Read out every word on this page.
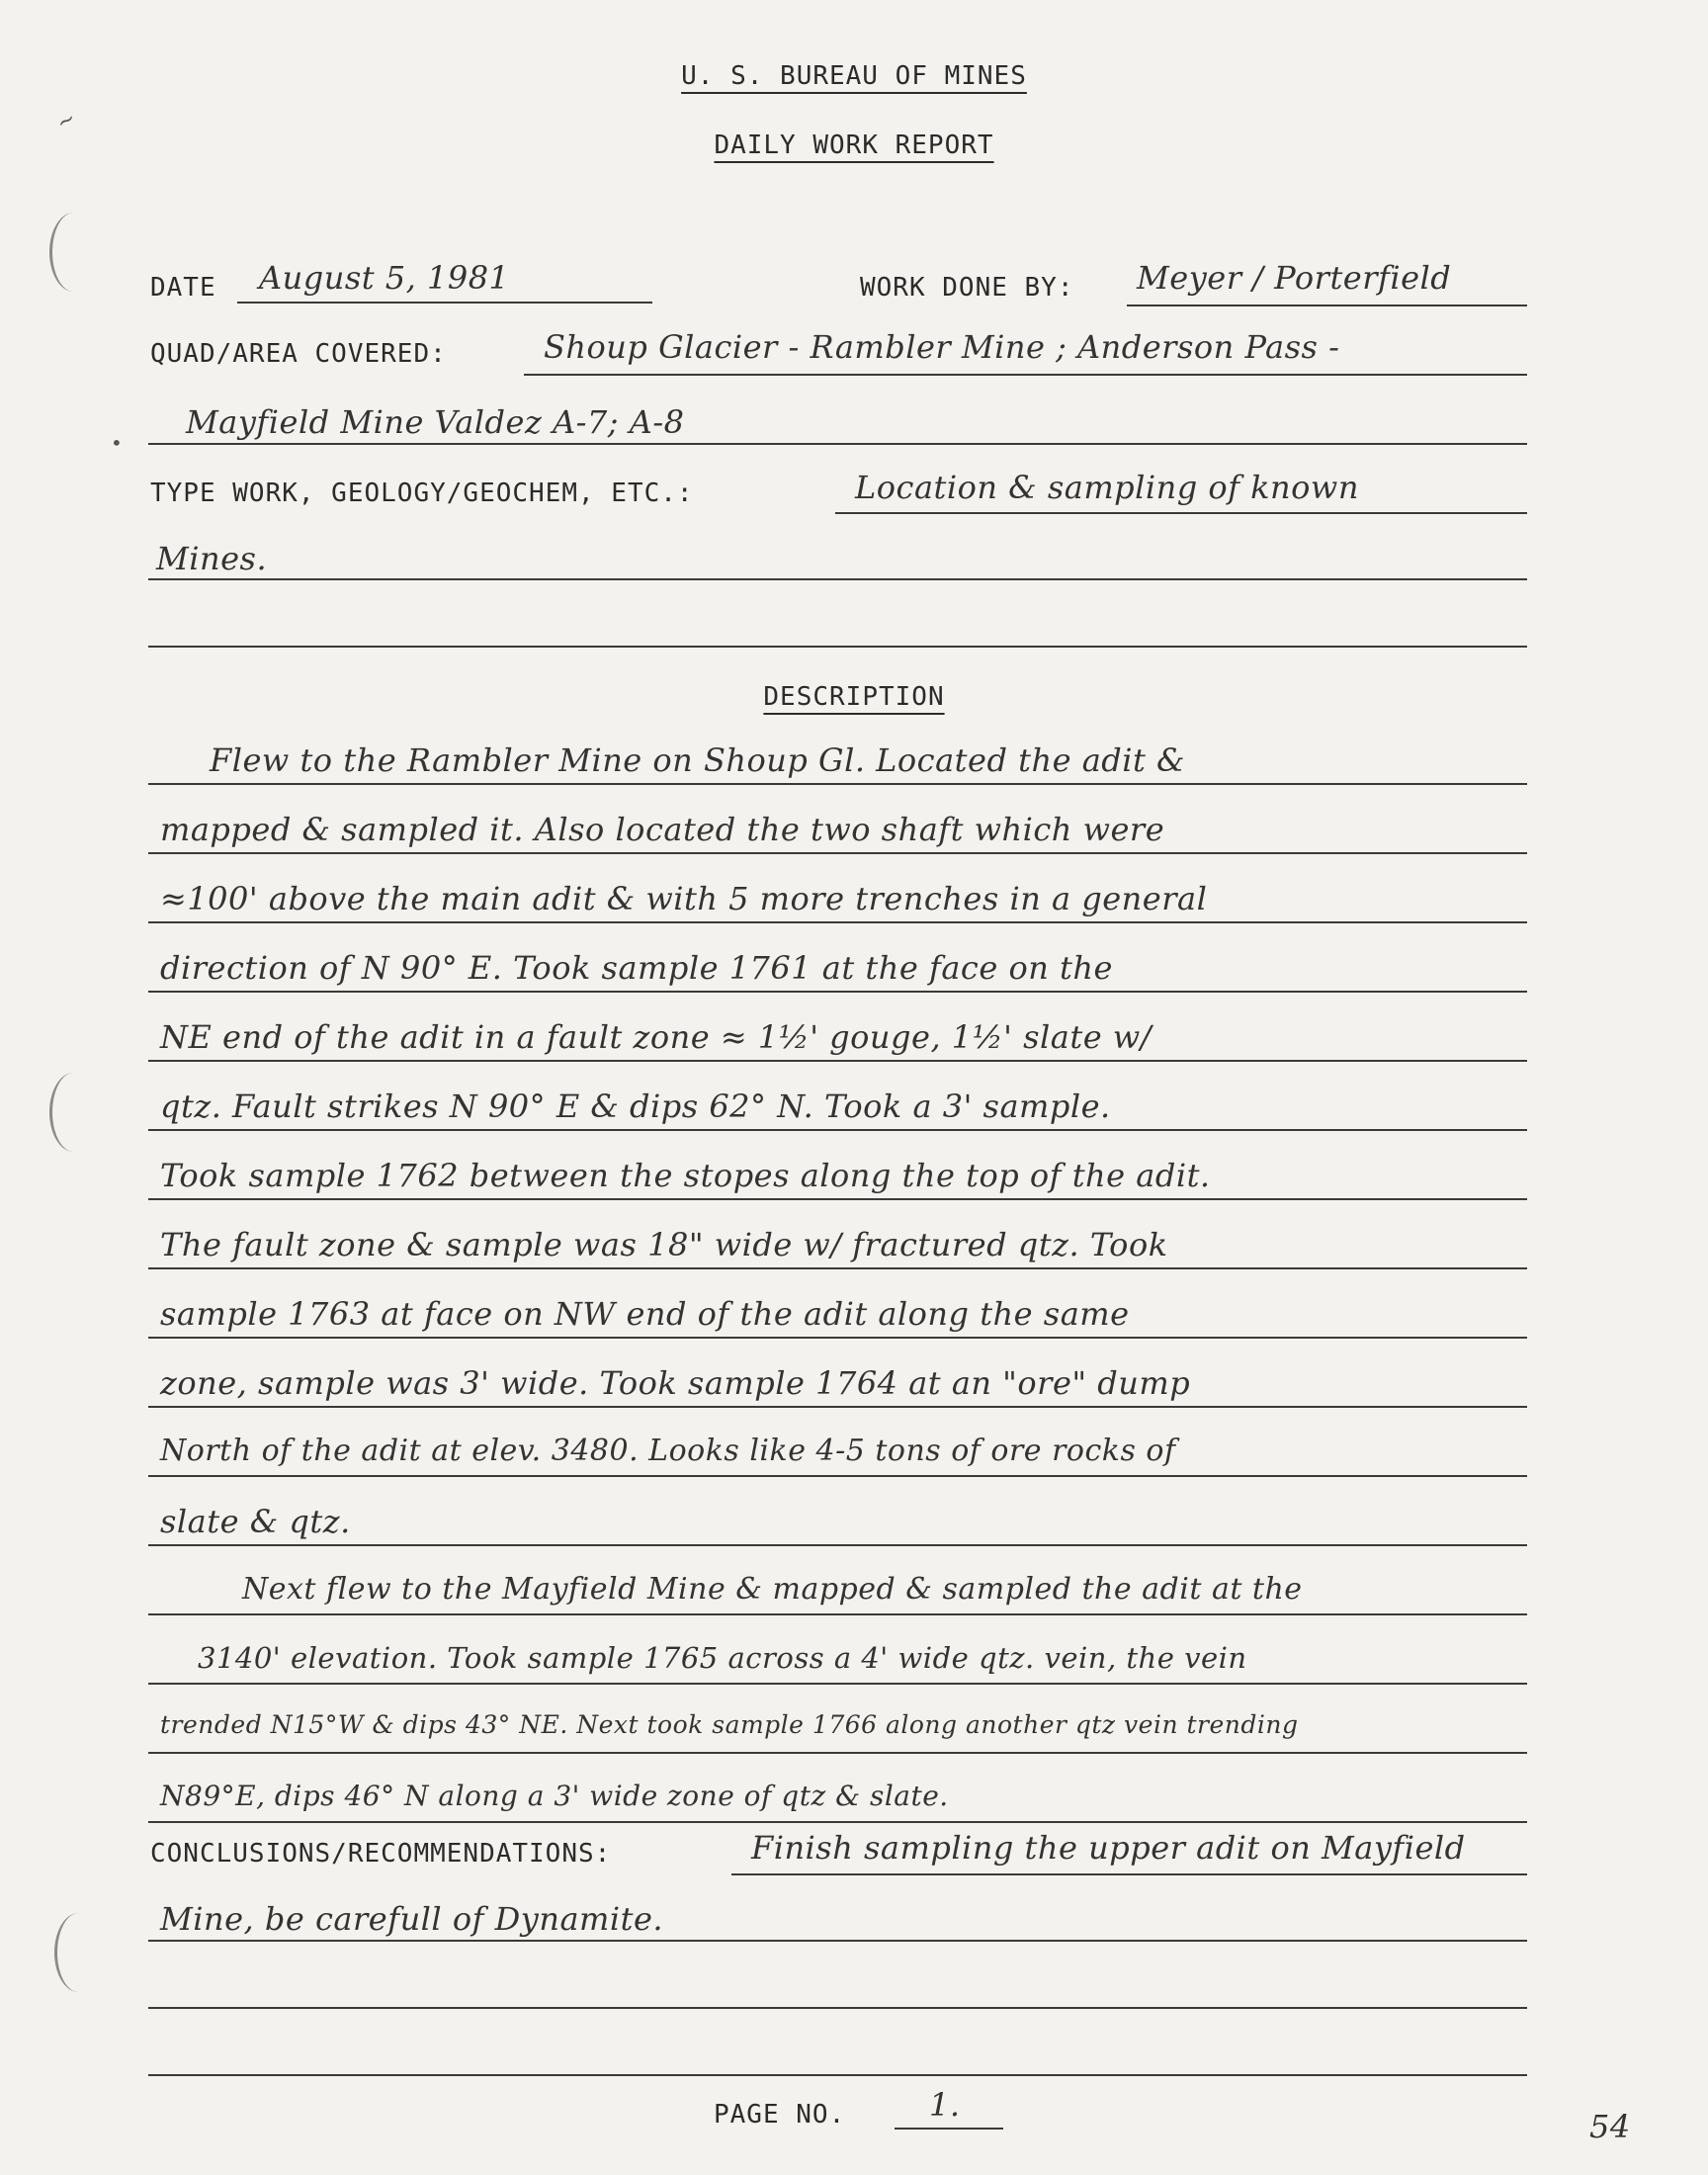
U. S. BUREAU OF MINES
DAILY WORK REPORT
DATE August 5, 1981	WORK DONE BY: Meyer / Porterfield
QUAD/AREA COVERED:	Shoup Glacier - Rambler Mine ; Anderson Pass -
Mayfield Mine Valdez A-7; A-8
TYPE WORK, GEOLOGY/GEOCHEM, ETC.:	Location & sampling of known
Mines.
DESCRIPTION
Flew to the Rambler Mine on Shoup Gl. Located the adit &
mapped & sampled it. Also located the two shaft which were
≈100' above the main adit & with 5 more trenches in a general
direction of N 90° E. Took sample 1761 at the face on the
NE end of the adit in a fault zone ≈ 1½' gouge, 1½' slate w/
qtz. Fault strikes N 90° E & dips 62° N. Took a 3' sample.
Took sample 1762 between the stopes along the top of the adit.
The fault zone & sample was 18" wide w/ fractured qtz. Took
sample 1763 at face on NW end of the adit along the same
zone, sample was 3' wide. Took sample 1764 at an "ore" dump
North of the adit at elev. 3480. Looks like 4-5 tons of ore rocks of
slate & qtz.
Next flew to the Mayfield Mine & mapped & sampled the adit at the
3140' elevation. Took sample 1765 across a 4' wide qtz. vein, the vein
trended N15°W & dips 43° NE. Next took sample 1766 along another qtz vein trending
N89°E, dips 46° N along a 3' wide zone of qtz & slate.
CONCLUSIONS/RECOMMENDATIONS:	Finish sampling the upper adit on Mayfield
Mine, be carefull of Dynamite.
PAGE NO.	1.
54
~
•
